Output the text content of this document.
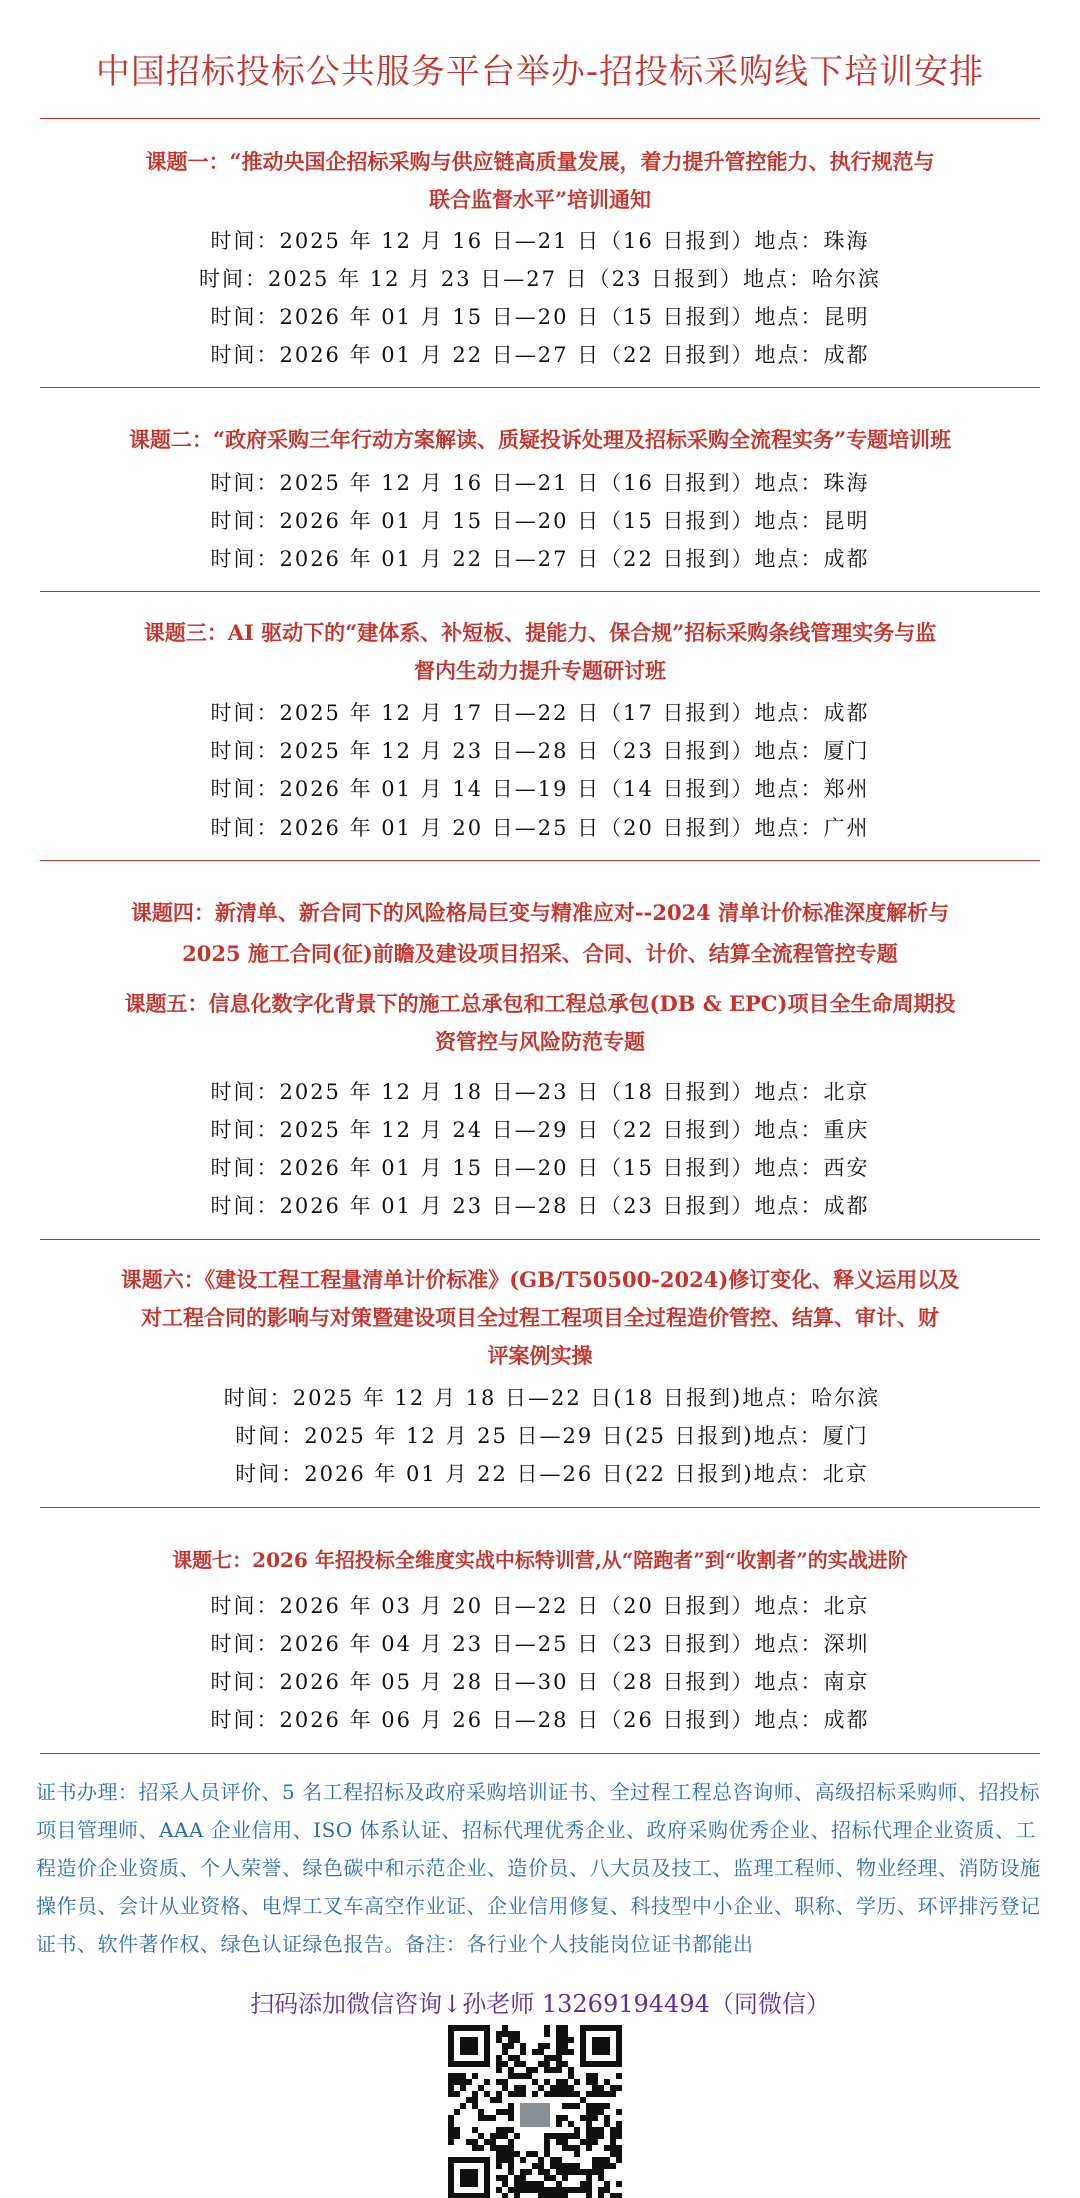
中国招标投标公共服务平台举办-招投标采购线下培训安排
课题一：“推动央国企招标采购与供应链高质量发展，着力提升管控能力、执行规范与
联合监督水平”培训通知
时间：2025 年 12 月 16 日—21 日（16 日报到）地点：珠海
时间：2025 年 12 月 23 日—27 日（23 日报到）地点：哈尔滨
时间：2026 年 01 月 15 日—20 日（15 日报到）地点：昆明
时间：2026 年 01 月 22 日—27 日（22 日报到）地点：成都
课题二：“政府采购三年行动方案解读、质疑投诉处理及招标采购全流程实务”专题培训班
时间：2025 年 12 月 16 日—21 日（16 日报到）地点：珠海
时间：2026 年 01 月 15 日—20 日（15 日报到）地点：昆明
时间：2026 年 01 月 22 日—27 日（22 日报到）地点：成都
课题三：AI 驱动下的“建体系、补短板、提能力、保合规”招标采购条线管理实务与监
督内生动力提升专题研讨班
时间：2025 年 12 月 17 日—22 日（17 日报到）地点：成都
时间：2025 年 12 月 23 日—28 日（23 日报到）地点：厦门
时间：2026 年 01 月 14 日—19 日（14 日报到）地点：郑州
时间：2026 年 01 月 20 日—25 日（20 日报到）地点：广州
课题四：新清单、新合同下的风险格局巨变与精准应对--2024 清单计价标准深度解析与
2025 施工合同(征)前瞻及建设项目招采、合同、计价、结算全流程管控专题
课题五：信息化数字化背景下的施工总承包和工程总承包(DB & EPC)项目全生命周期投
资管控与风险防范专题
时间：2025 年 12 月 18 日—23 日（18 日报到）地点：北京
时间：2025 年 12 月 24 日—29 日（22 日报到）地点：重庆
时间：2026 年 01 月 15 日—20 日（15 日报到）地点：西安
时间：2026 年 01 月 23 日—28 日（23 日报到）地点：成都
课题六：《建设工程工程量清单计价标准》(GB/T50500-2024)修订变化、释义运用以及
对工程合同的影响与对策暨建设项目全过程工程项目全过程造价管控、结算、审计、财
评案例实操
时间：2025 年 12 月 18 日—22 日(18 日报到)地点：哈尔滨
时间：2025 年 12 月 25 日—29 日(25 日报到)地点：厦门
时间：2026 年 01 月 22 日—26 日(22 日报到)地点：北京
课题七：2026 年招投标全维度实战中标特训营,从“陪跑者”到“收割者”的实战进阶
时间：2026 年 03 月 20 日—22 日（20 日报到）地点：北京
时间：2026 年 04 月 23 日—25 日（23 日报到）地点：深圳
时间：2026 年 05 月 28 日—30 日（28 日报到）地点：南京
时间：2026 年 06 月 26 日—28 日（26 日报到）地点：成都
证书办理：招采人员评价、5 名工程招标及政府采购培训证书、全过程工程总咨询师、高级招标采购师、招投标项目管理师、AAA 企业信用、ISO 体系认证、招标代理优秀企业、政府采购优秀企业、招标代理企业资质、工程造价企业资质、个人荣誉、绿色碳中和示范企业、造价员、八大员及技工、监理工程师、物业经理、消防设施操作员、会计从业资格、电焊工叉车高空作业证、企业信用修复、科技型中小企业、职称、学历、环评排污登记证书、软件著作权、绿色认证绿色报告。备注：各行业个人技能岗位证书都能出
扫码添加微信咨询↓孙老师 13269194494（同微信）
